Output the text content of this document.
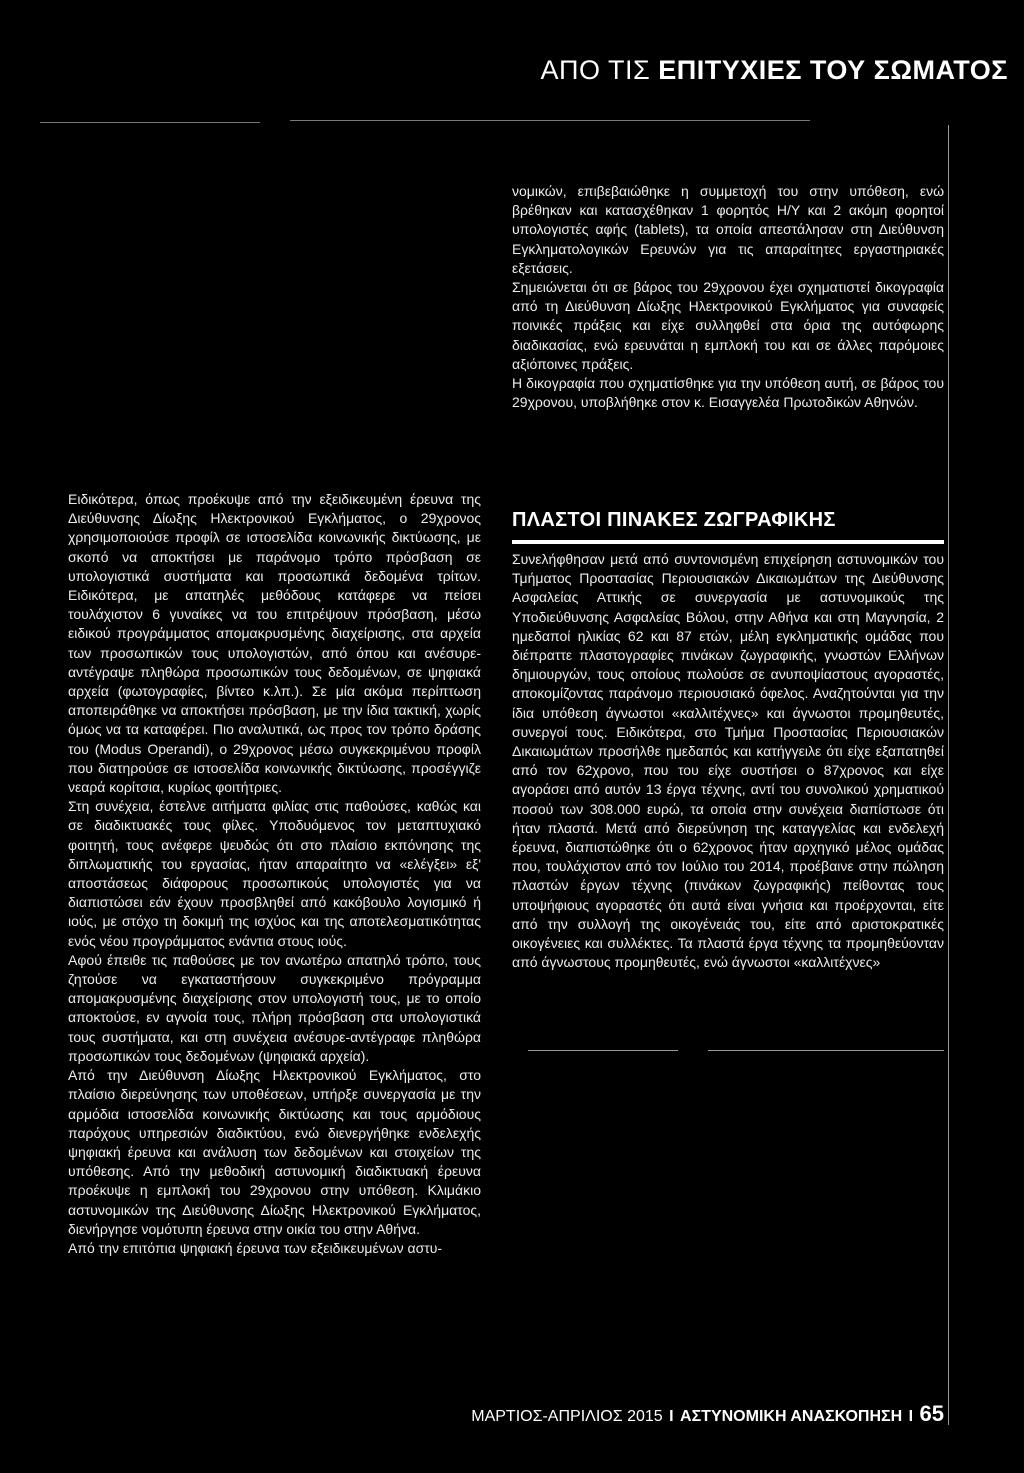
ΑΠΟ ΤΙΣ ΕΠΙΤΥΧΙΕΣ ΤΟΥ ΣΩΜΑΤΟΣ

νομικών, επιβεβαιώθηκε η συμμετοχή του στην υπόθεση, ενώ βρέθηκαν και κατασχέθηκαν 1 φορητός Η/Υ και 2 ακόμη φορητοί υπολογιστές αφής (tablets), τα οποία απεστάλησαν στη Διεύθυνση Εγκληματολογικών Ερευνών για τις απαραίτητες εργαστηριακές εξετάσεις.

Σημειώνεται ότι σε βάρος του 29χρονου έχει σχηματιστεί δικογραφία από τη Διεύθυνση Δίωξης Ηλεκτρονικού Εγκλήματος για συναφείς ποινικές πράξεις και είχε συλληφθεί στα όρια της αυτόφωρης διαδικασίας, ενώ ερευνάται η εμπλοκή του και σε άλλες παρόμοιες αξιόποινες πράξεις.

Η δικογραφία που σχηματίσθηκε για την υπόθεση αυτή, σε βάρος του 29χρονου, υποβλήθηκε στον κ. Εισαγγελέα Πρωτοδικών Αθηνών.

Ειδικότερα, όπως προέκυψε από την εξειδικευμένη έρευνα της Διεύθυνσης Δίωξης Ηλεκτρονικού Εγκλήματος, ο 29χρονος χρησιμοποιούσε προφίλ σε ιστοσελίδα κοινωνικής δικτύωσης, με σκοπό να αποκτήσει με παράνομο τρόπο πρόσβαση σε υπολογιστικά συστήματα και προσωπικά δεδομένα τρίτων. Ειδικότερα, με απατηλές μεθόδους κατάφερε να πείσει τουλάχιστον 6 γυναίκες να του επιτρέψουν πρόσβαση, μέσω ειδικού προγράμματος απομακρυσμένης διαχείρισης, στα αρχεία των προσωπικών τους υπολογιστών, από όπου και ανέσυρε-αντέγραψε πληθώρα προσωπικών τους δεδομένων, σε ψηφιακά αρχεία (φωτογραφίες, βίντεο κ.λπ.). Σε μία ακόμα περίπτωση αποπειράθηκε να αποκτήσει πρόσβαση, με την ίδια τακτική, χωρίς όμως να τα καταφέρει. Πιο αναλυτικά, ως προς τον τρόπο δράσης του (Modus Operandi), ο 29χρονος μέσω συγκεκριμένου προφίλ που διατηρούσε σε ιστοσελίδα κοινωνικής δικτύωσης, προσέγγιζε νεαρά κορίτσια, κυρίως φοιτήτριες.

Στη συνέχεια, έστελνε αιτήματα φιλίας στις παθούσες, καθώς και σε διαδικτυακές τους φίλες. Υποδυόμενος τον μεταπτυχιακό φοιτητή, τους ανέφερε ψευδώς ότι στο πλαίσιο εκπόνησης της διπλωματικής του εργασίας, ήταν απαραίτητο να «ελέγξει» εξ' αποστάσεως διάφορους προσωπικούς υπολογιστές για να διαπιστώσει εάν έχουν προσβληθεί από κακόβουλο λογισμικό ή ιούς, με στόχο τη δοκιμή της ισχύος και της αποτελεσματικότητας ενός νέου προγράμματος ενάντια στους ιούς.

Αφού έπειθε τις παθούσες με τον ανωτέρω απατηλό τρόπο, τους ζητούσε να εγκαταστήσουν συγκεκριμένο πρόγραμμα απομακρυσμένης διαχείρισης στον υπολογιστή τους, με το οποίο αποκτούσε, εν αγνοία τους, πλήρη πρόσβαση στα υπολογιστικά τους συστήματα, και στη συνέχεια ανέσυρε-αντέγραφε πληθώρα προσωπικών τους δεδομένων (ψηφιακά αρχεία).

Από την Διεύθυνση Δίωξης Ηλεκτρονικού Εγκλήματος, στο πλαίσιο διερεύνησης των υποθέσεων, υπήρξε συνεργασία με την αρμόδια ιστοσελίδα κοινωνικής δικτύωσης και τους αρμόδιους παρόχους υπηρεσιών διαδικτύου, ενώ διενεργήθηκε ενδελεχής ψηφιακή έρευνα και ανάλυση των δεδομένων και στοιχείων της υπόθεσης. Από την μεθοδική αστυνομική διαδικτυακή έρευνα προέκυψε η εμπλοκή του 29χρονου στην υπόθεση. Κλιμάκιο αστυνομικών της Διεύθυνσης Δίωξης Ηλεκτρονικού Εγκλήματος, διενήργησε νομότυπη έρευνα στην οικία του στην Αθήνα.

Από την επιτόπια ψηφιακή έρευνα των εξειδικευμένων αστυ-

ΠΛΑΣΤΟΙ ΠΙΝΑΚΕΣ ΖΩΓΡΑΦΙΚΗΣ

Συνελήφθησαν μετά από συντονισμένη επιχείρηση αστυνομικών του Τμήματος Προστασίας Περιουσιακών Δικαιωμάτων της Διεύθυνσης Ασφαλείας Αττικής σε συνεργασία με αστυνομικούς της Υποδιεύθυνσης Ασφαλείας Βόλου, στην Αθήνα και στη Μαγνησία, 2 ημεδαποί ηλικίας 62 και 87 ετών, μέλη εγκληματικής ομάδας που διέπραττε πλαστογραφίες πινάκων ζωγραφικής, γνωστών Ελλήνων δημιουργών, τους οποίους πωλούσε σε ανυποψίαστους αγοραστές, αποκομίζοντας παράνομο περιουσιακό όφελος. Αναζητούνται για την ίδια υπόθεση άγνωστοι «καλλιτέχνες» και άγνωστοι προμηθευτές, συνεργοί τους. Ειδικότερα, στο Τμήμα Προστασίας Περιουσιακών Δικαιωμάτων προσήλθε ημεδαπός και κατήγγειλε ότι είχε εξαπατηθεί από τον 62χρονο, που του είχε συστήσει ο 87χρονος και είχε αγοράσει από αυτόν 13 έργα τέχνης, αντί του συνολικού χρηματικού ποσού των 308.000 ευρώ, τα οποία στην συνέχεια διαπίστωσε ότι ήταν πλαστά. Μετά από διερεύνηση της καταγγελίας και ενδελεχή έρευνα, διαπιστώθηκε ότι ο 62χρονος ήταν αρχηγικό μέλος ομάδας που, τουλάχιστον από τον Ιούλιο του 2014, προέβαινε στην πώληση πλαστών έργων τέχνης (πινάκων ζωγραφικής) πείθοντας τους υποψήφιους αγοραστές ότι αυτά είναι γνήσια και προέρχονται, είτε από την συλλογή της οικογένειάς του, είτε από αριστοκρατικές οικογένειες και συλλέκτες. Τα πλαστά έργα τέχνης τα προμηθεύονταν από άγνωστους προμηθευτές, ενώ άγνωστοι «καλλιτέχνες»

ΜΑΡΤΙΟΣ-ΑΠΡΙΛΙΟΣ 2015 I ΑΣΤΥΝΟΜΙΚΗ ΑΝΑΣΚΟΠΗΣΗ I 65
